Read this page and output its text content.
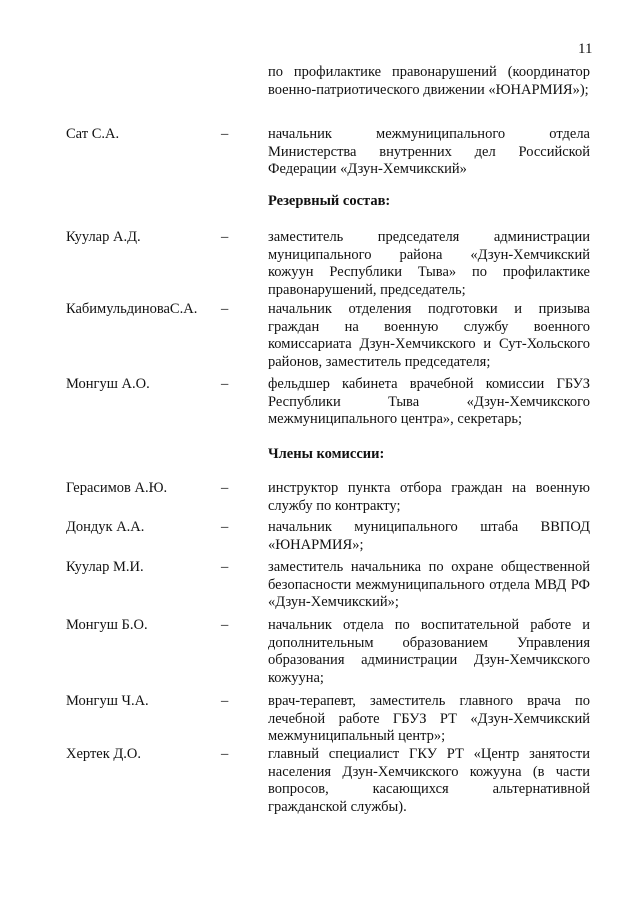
11
по профилактике правонарушений (координатор военно-патриотического движении «ЮНАРМИЯ»);
Сат С.А.	–	начальник межмуниципального отдела Министерства внутренних дел Российской Федерации «Дзун-Хемчикский»
Резервный состав:
Куулар А.Д.	–	заместитель председателя администрации муниципального района «Дзун-Хемчикский кожуун Республики Тыва» по профилактике правонарушений, председатель;
КабимульдиноваС.А. –	начальник отделения подготовки и призыва граждан на военную службу военного комиссариата Дзун-Хемчикского и Сут-Хольского районов, заместитель председателя;
Монгуш А.О.	–	фельдшер кабинета врачебной комиссии ГБУЗ Республики Тыва «Дзун-Хемчикского межмуниципального центра», секретарь;
Члены комиссии:
Герасимов А.Ю.	–	инструктор пункта отбора граждан на военную службу по контракту;
Дондук А.А.	–	начальник муниципального штаба ВВПОД «ЮНАРМИЯ»;
Куулар М.И.	–	заместитель начальника по охране общественной безопасности межмуниципального отдела МВД РФ «Дзун-Хемчикский»;
Монгуш Б.О.	–	начальник отдела по воспитательной работе и дополнительным образованием Управления образования администрации Дзун-Хемчикского кожууна;
Монгуш Ч.А.	–	врач-терапевт, заместитель главного врача по лечебной работе ГБУЗ РТ «Дзун-Хемчикский межмуниципальный центр»;
Хертек Д.О.	–	главный специалист ГКУ РТ «Центр занятости населения Дзун-Хемчикского кожууна (в части вопросов, касающихся альтернативной гражданской службы).
